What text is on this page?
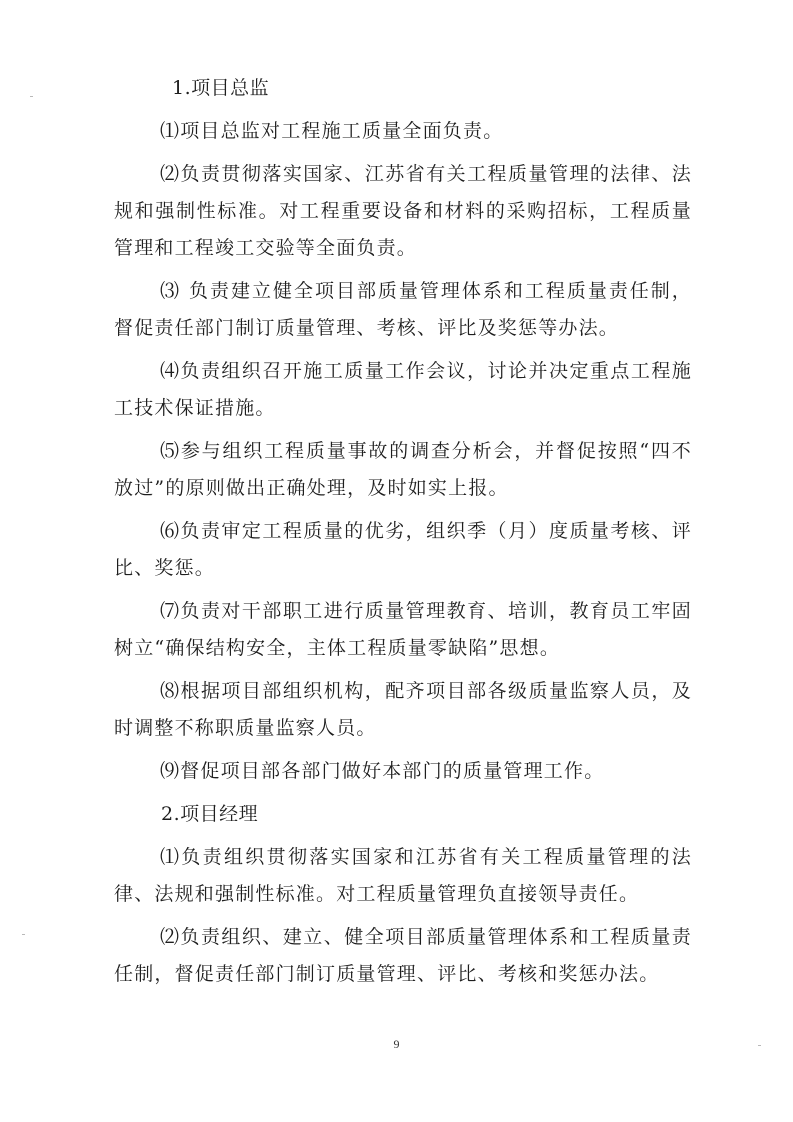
1.项目总监

⑴项目总监对工程施工质量全面负责。

⑵负责贯彻落实国家、江苏省有关工程质量管理的法律、法规和强制性标准。对工程重要设备和材料的采购招标，工程质量管理和工程竣工交验等全面负责。

⑶ 负责建立健全项目部质量管理体系和工程质量责任制，督促责任部门制订质量管理、考核、评比及奖惩等办法。

⑷负责组织召开施工质量工作会议，讨论并决定重点工程施工技术保证措施。

⑸参与组织工程质量事故的调查分析会，并督促按照“四不放过”的原则做出正确处理，及时如实上报。

⑹负责审定工程质量的优劣，组织季（月）度质量考核、评比、奖惩。

⑺负责对干部职工进行质量管理教育、培训，教育员工牢固树立“确保结构安全，主体工程质量零缺陷”思想。

⑻根据项目部组织机构，配齐项目部各级质量监察人员，及时调整不称职质量监察人员。

⑼督促项目部各部门做好本部门的质量管理工作。

2.项目经理

⑴负责组织贯彻落实国家和江苏省有关工程质量管理的法律、法规和强制性标准。对工程质量管理负直接领导责任。

⑵负责组织、建立、健全项目部质量管理体系和工程质量责任制，督促责任部门制订质量管理、评比、考核和奖惩办法。

9
